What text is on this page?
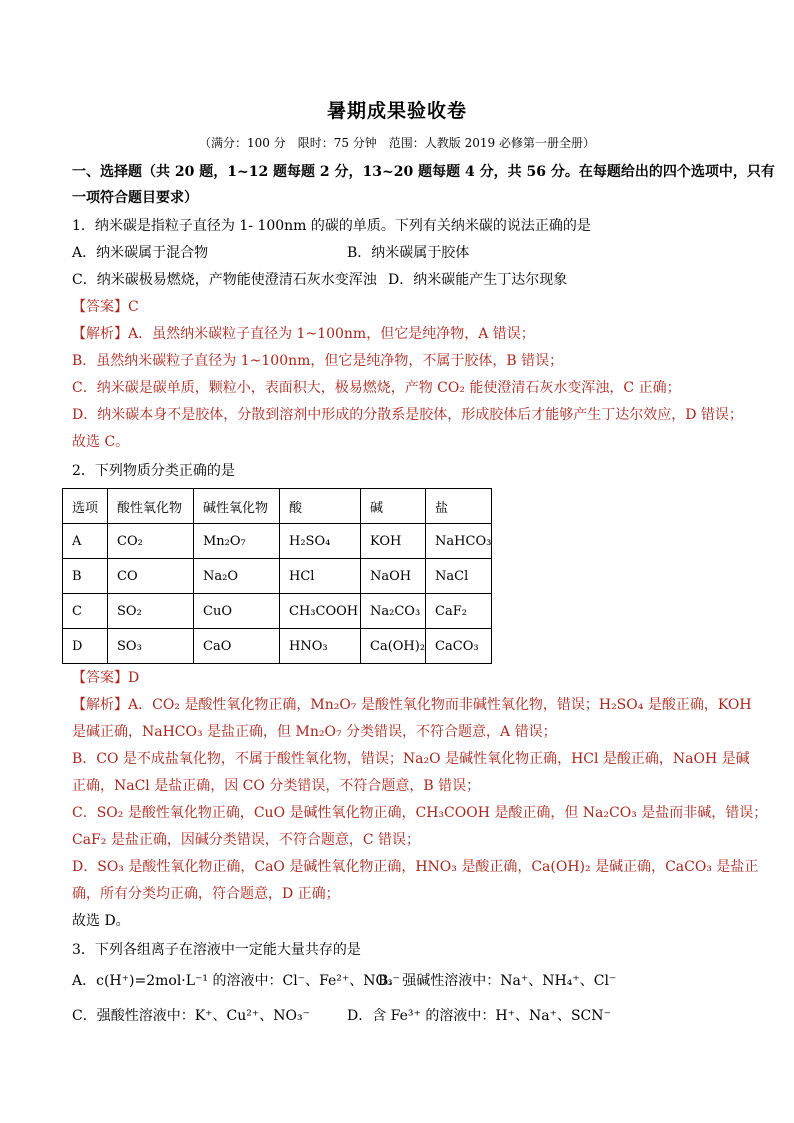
暑期成果验收卷
（满分：100 分　限时：75 分钟　范围：人教版 2019 必修第一册全册）
一、选择题（共 20 题，1~12 题每题 2 分，13~20 题每题 4 分，共 56 分。在每题给出的四个选项中，只有
一项符合题目要求）
1．纳米碳是指粒子直径为 1- 100nm 的碳的单质。下列有关纳米碳的说法正确的是
A．纳米碳属于混合物	B．纳米碳属于胶体
C．纳米碳极易燃烧，产物能使澄清石灰水变浑浊 D．纳米碳能产生丁达尔现象
【答案】C
【解析】A．虽然纳米碳粒子直径为 1~100nm，但它是纯净物，A 错误；
B．虽然纳米碳粒子直径为 1~100nm，但它是纯净物，不属于胶体，B 错误；
C．纳米碳是碳单质，颗粒小，表面积大，极易燃烧，产物 CO₂ 能使澄清石灰水变浑浊，C 正确；
D．纳米碳本身不是胶体，分散到溶剂中形成的分散系是胶体，形成胶体后才能够产生丁达尔效应，D 错误；
故选 C。
2．下列物质分类正确的是
选项	酸性氧化物	碱性氧化物	酸	碱	盐
A	CO₂	Mn₂O₇	H₂SO₄	KOH	NaHCO₃
B	CO	Na₂O	HCl	NaOH	NaCl
C	SO₂	CuO	CH₃COOH	Na₂CO₃	CaF₂
D	SO₃	CaO	HNO₃	Ca(OH)₂	CaCO₃
【答案】D
【解析】A．CO₂ 是酸性氧化物正确，Mn₂O₇ 是酸性氧化物而非碱性氧化物，错误；H₂SO₄ 是酸正确，KOH
是碱正确，NaHCO₃ 是盐正确，但 Mn₂O₇ 分类错误，不符合题意，A 错误；
B．CO 是不成盐氧化物，不属于酸性氧化物，错误；Na₂O 是碱性氧化物正确，HCl 是酸正确，NaOH 是碱
正确，NaCl 是盐正确，因 CO 分类错误，不符合题意，B 错误；
C．SO₂ 是酸性氧化物正确，CuO 是碱性氧化物正确，CH₃COOH 是酸正确，但 Na₂CO₃ 是盐而非碱，错误；
CaF₂ 是盐正确，因碱分类错误，不符合题意，C 错误；
D．SO₃ 是酸性氧化物正确，CaO 是碱性氧化物正确，HNO₃ 是酸正确，Ca(OH)₂ 是碱正确，CaCO₃ 是盐正
确，所有分类均正确，符合题意，D 正确；
故选 D。
3．下列各组离子在溶液中一定能大量共存的是
A．c(H⁺)=2mol·L⁻¹ 的溶液中：Cl⁻、Fe²⁺、NO₃⁻
B．强碱性溶液中：Na⁺、NH₄⁺、Cl⁻
C．强酸性溶液中：K⁺、Cu²⁺、NO₃⁻	D．含 Fe³⁺ 的溶液中：H⁺、Na⁺、SCN⁻
